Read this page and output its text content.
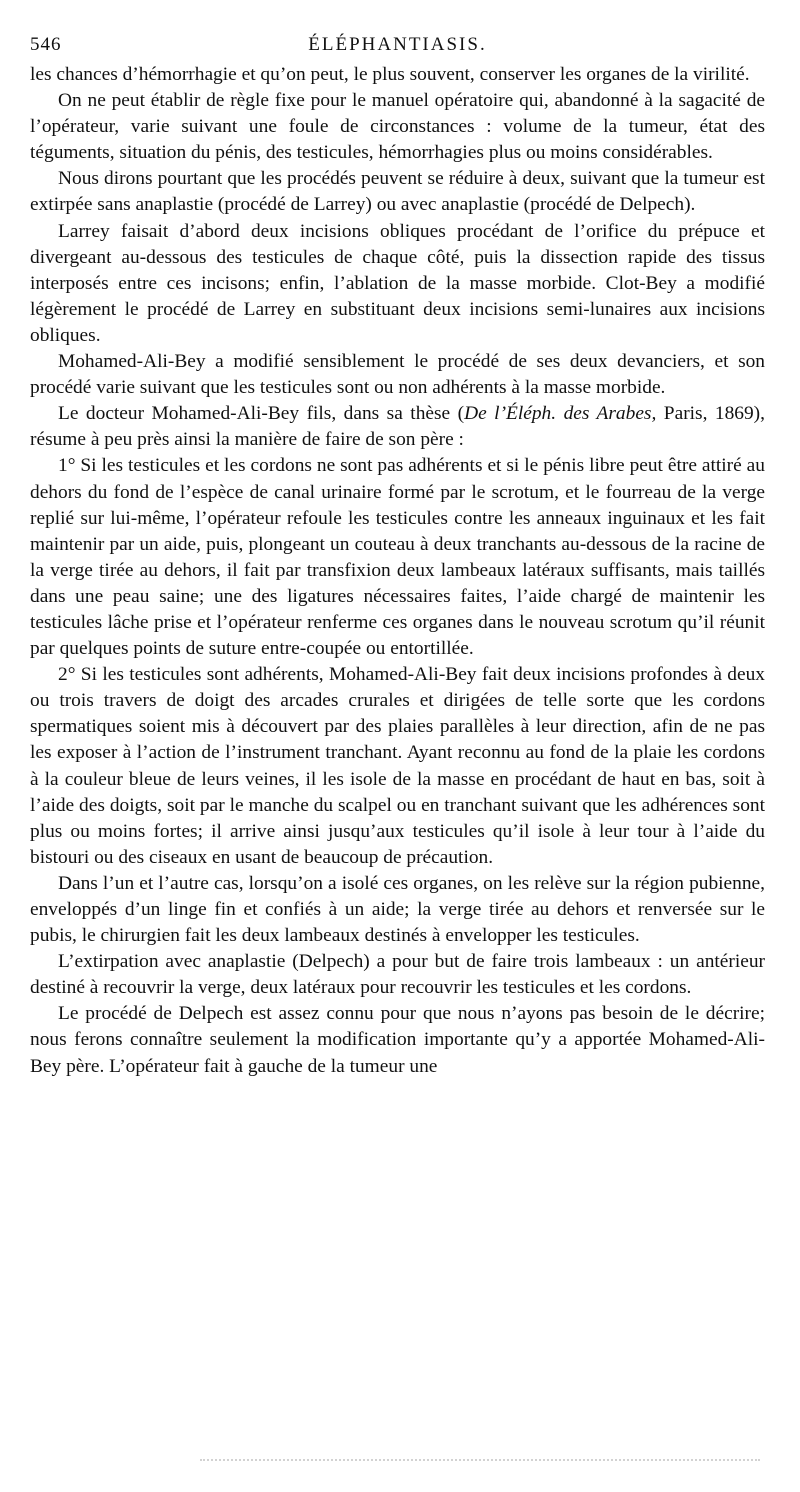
546	ÉLÉPHANTIASIS.

les chances d’hémorrhagie et qu’on peut, le plus souvent, conserver les organes de la virilité.

On ne peut établir de règle fixe pour le manuel opératoire qui, abandonné à la sagacité de l’opérateur, varie suivant une foule de circonstances : volume de la tumeur, état des téguments, situation du pénis, des testicules, hémorrhagies plus ou moins considérables.

Nous dirons pourtant que les procédés peuvent se réduire à deux, suivant que la tumeur est extirpée sans anaplastie (procédé de Larrey) ou avec anaplastie (procédé de Delpech).

Larrey faisait d’abord deux incisions obliques procédant de l’orifice du prépuce et divergeant au-dessous des testicules de chaque côté, puis la dissection rapide des tissus interposés entre ces incisons; enfin, l’ablation de la masse morbide. Clot-Bey a modifié légèrement le procédé de Larrey en substituant deux incisions semi-lunaires aux incisions obliques.

Mohamed-Ali-Bey a modifié sensiblement le procédé de ses deux devanciers, et son procédé varie suivant que les testicules sont ou non adhérents à la masse morbide.

Le docteur Mohamed-Ali-Bey fils, dans sa thèse (De l’Éléph. des Arabes, Paris, 1869), résume à peu près ainsi la manière de faire de son père :

1° Si les testicules et les cordons ne sont pas adhérents et si le pénis libre peut être attiré au dehors du fond de l’espèce de canal urinaire formé par le scrotum, et le fourreau de la verge replié sur lui-même, l’opérateur refoule les testicules contre les anneaux inguinaux et les fait maintenir par un aide, puis, plongeant un couteau à deux tranchants au-dessous de la racine de la verge tirée au dehors, il fait par transfixion deux lambeaux latéraux suffisants, mais taillés dans une peau saine; une des ligatures nécessaires faites, l’aide chargé de maintenir les testicules lâche prise et l’opérateur renferme ces organes dans le nouveau scrotum qu’il réunit par quelques points de suture entre-coupée ou entortillée.

2° Si les testicules sont adhérents, Mohamed-Ali-Bey fait deux incisions profondes à deux ou trois travers de doigt des arcades crurales et dirigées de telle sorte que les cordons spermatiques soient mis à découvert par des plaies parallèles à leur direction, afin de ne pas les exposer à l’action de l’instrument tranchant. Ayant reconnu au fond de la plaie les cordons à la couleur bleue de leurs veines, il les isole de la masse en procédant de haut en bas, soit à l’aide des doigts, soit par le manche du scalpel ou en tranchant suivant que les adhérences sont plus ou moins fortes; il arrive ainsi jusqu’aux testicules qu’il isole à leur tour à l’aide du bistouri ou des ciseaux en usant de beaucoup de précaution.

Dans l’un et l’autre cas, lorsqu’on a isolé ces organes, on les relève sur la région pubienne, enveloppés d’un linge fin et confiés à un aide; la verge tirée au dehors et renversée sur le pubis, le chirurgien fait les deux lambeaux destinés à envelopper les testicules.

L’extirpation avec anaplastie (Delpech) a pour but de faire trois lambeaux : un antérieur destiné à recouvrir la verge, deux latéraux pour recouvrir les testicules et les cordons.

Le procédé de Delpech est assez connu pour que nous n’ayons pas besoin de le décrire; nous ferons connaître seulement la modification importante qu’y a apportée Mohamed-Ali-Bey père. L’opérateur fait à gauche de la tumeur une
